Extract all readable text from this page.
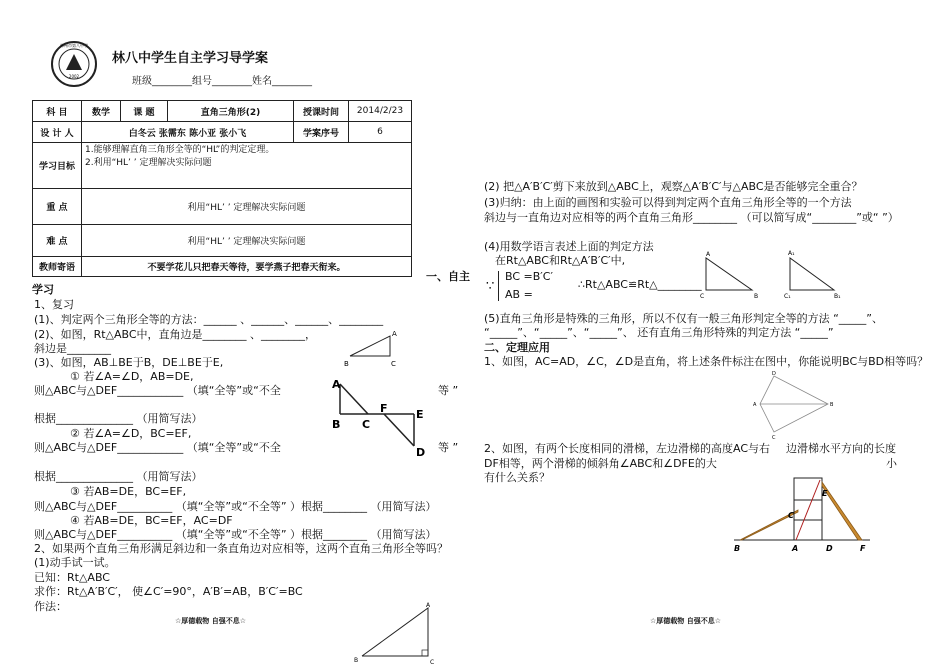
林州市第八中学
2002
林八中学生自主学习导学案
班级________组号________姓名________
科 目	数学	课 题	直角三角形(2)	授课时间	2014/2/23
设 计 人	白冬云 张需东 陈小亚 张小飞			学案序号	6
学习目标	1.能够理解直角三角形全等的“HL”的判定定理。
2.利用“HL’ ’ 定理解决实际问题				

重 点	利用“HL’ ’ 定理解决实际问题				
难 点	利用“HL’ ’ 定理解决实际问题				
教师寄语	不要学花儿只把春天等待，要学燕子把春天衔来。				
一、自主
学习
1、复习
(1)、判定两个三角形全等的方法：______ 、______、______、________
(2)、如图，Rt△ABC中，直角边是________ 、________，
斜边是________
(3)、如图，AB⊥BE于B，DE⊥BE于E,
① 若∠A=∠D，AB=DE,
则△ABC与△DEF____________ （填“全等”或“不全	等 ”
根据______________ （用简写法）
② 若∠A=∠D，BC=EF,
则△ABC与△DEF____________ （填“全等”或“不全	等 ”
根据______________ （用简写法）
③ 若AB=DE，BC=EF,
则△ABC与△DEF__________ （填“全等”或“不全等” ）根据________ （用简写法）
④ 若AB=DE，BC=EF，AC=DF
则△ABC与△DEF__________ （填“全等”或“不全等” ）根据________ （用简写法）
2、如果两个直角三角形满足斜边和一条直角边对应相等，这两个直角三角形全等吗？
(1)动手试一试。
已知：Rt△ABC
求作：Rt△A′B′C′， 使∠C′=90°，A′B′=AB，B′C′=BC
作法：
☆厚德载物 自强不息☆
B	C
A
A
B C
F	E
D
B	C
A
(2) 把△A′B′C′剪下来放到△ABC上，观察△A′B′C′与△ABC是否能够完全重合？
(3)归纳：由上面的画图和实验可以得到判定两个直角三角形全等的一个方法
斜边与一直角边对应相等的两个直角三角形________ （可以简写成“________”或“ ”）
(4)用数学语言表述上面的判定方法
在Rt△ABC和Rt△A′B′C′中,
∵
BC =B′C′
AB =
∴Rt△ABC≌Rt△________
(5)直角三角形是特殊的三角形，所以不仅有一般三角形判定全等的方法 “_____”、
“_____”、“_____”、“_____”、 还有直角三角形特殊的判定方法 “_____”
二、定理应用
1、如图，AC=AD，∠C，∠D是直角，将上述条件标注在图中，你能说明BC与BD相等吗？
2、如图，有两个长度相同的滑梯，左边滑梯的高度AC与右 边滑梯水平方向的长度
DF相等，两个滑梯的倾斜角∠ABC和∠DFE的大	小
有什么关系？
☆厚德载物 自强不息☆
A
C	B
A₁
C₁	B₁
D
A
C
B
B	A	D	F
C
E
